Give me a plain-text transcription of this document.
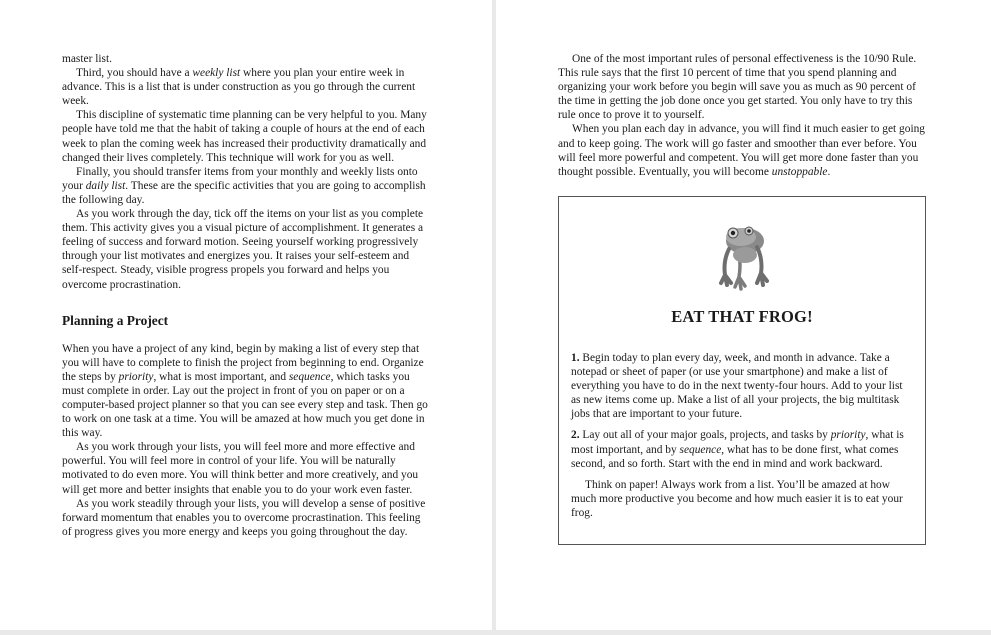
master list.

Third, you should have a weekly list where you plan your entire week in advance. This is a list that is under construction as you go through the current week.

This discipline of systematic time planning can be very helpful to you. Many people have told me that the habit of taking a couple of hours at the end of each week to plan the coming week has increased their productivity dramatically and changed their lives completely. This technique will work for you as well.

Finally, you should transfer items from your monthly and weekly lists onto your daily list. These are the specific activities that you are going to accomplish the following day.

As you work through the day, tick off the items on your list as you complete them. This activity gives you a visual picture of accomplishment. It generates a feeling of success and forward motion. Seeing yourself working progressively through your list motivates and energizes you. It raises your self-esteem and self-respect. Steady, visible progress propels you forward and helps you overcome procrastination.

Planning a Project

When you have a project of any kind, begin by making a list of every step that you will have to complete to finish the project from beginning to end. Organize the steps by priority, what is most important, and sequence, which tasks you must complete in order. Lay out the project in front of you on paper or on a computer-based project planner so that you can see every step and task. Then go to work on one task at a time. You will be amazed at how much you get done in this way.

As you work through your lists, you will feel more and more effective and powerful. You will feel more in control of your life. You will be naturally motivated to do even more. You will think better and more creatively, and you will get more and better insights that enable you to do your work even faster.

As you work steadily through your lists, you will develop a sense of positive forward momentum that enables you to overcome procrastination. This feeling of progress gives you more energy and keeps you going throughout the day.

One of the most important rules of personal effectiveness is the 10/90 Rule. This rule says that the first 10 percent of time that you spend planning and organizing your work before you begin will save you as much as 90 percent of the time in getting the job done once you get started. You only have to try this rule once to prove it to yourself.

When you plan each day in advance, you will find it much easier to get going and to keep going. The work will go faster and smoother than ever before. You will feel more powerful and competent. You will get more done faster than you thought possible. Eventually, you will become unstoppable.

EAT THAT FROG!

1. Begin today to plan every day, week, and month in advance. Take a notepad or sheet of paper (or use your smartphone) and make a list of everything you have to do in the next twenty-four hours. Add to your list as new items come up. Make a list of all your projects, the big multitask jobs that are important to your future.

2. Lay out all of your major goals, projects, and tasks by priority, what is most important, and by sequence, what has to be done first, what comes second, and so forth. Start with the end in mind and work backward.

Think on paper! Always work from a list. You’ll be amazed at how much more productive you become and how much easier it is to eat your frog.
